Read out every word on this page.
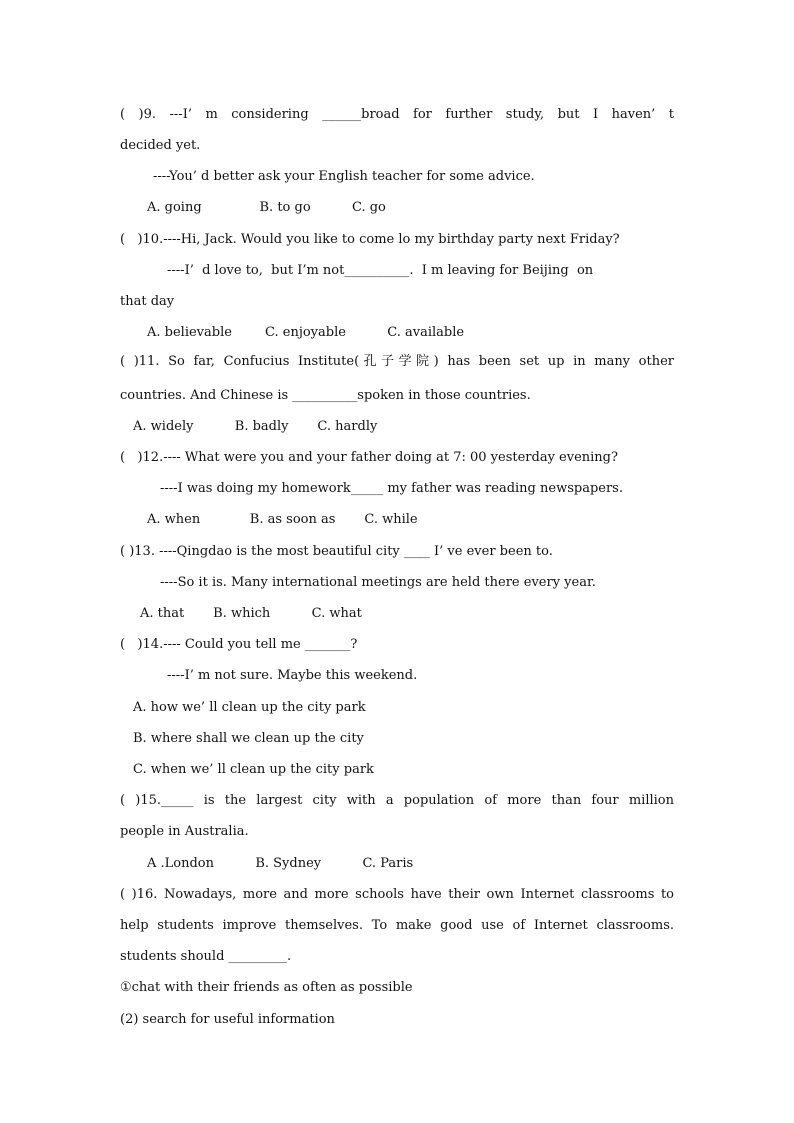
( )9. ---I’ m considering ______broad for further study, but I haven’ t
decided yet.
----You’ d better ask your English teacher for some advice.
A. going              B. to go          C. go
(   )10.----Hi, Jack. Would you like to come lo my birthday party next Friday?
----I’  d love to,  but I’m not__________.  I m leaving for Beijing  on
that day
A. believable        C. enjoyable          C. available
( )11. So far, Confucius Institute(孔子学院) has been set up in many other
countries. And Chinese is __________spoken in those countries.
A. widely          B. badly       C. hardly
(   )12.---- What were you and your father doing at 7: 00 yesterday evening?
----I was doing my homework_____ my father was reading newspapers.
A. when            B. as soon as       C. while
( )13. ----Qingdao is the most beautiful city ____ I’ ve ever been to.
----So it is. Many international meetings are held there every year.
A. that       B. which          C. what
(   )14.---- Could you tell me _______?
----I’ m not sure. Maybe this weekend.
A. how we’ ll clean up the city park
B. where shall we clean up the city
C. when we’ ll clean up the city park
( )15._____ is the largest city with a population of more than four million
people in Australia.
A .London          B. Sydney          C. Paris
( )16. Nowadays, more and more schools have their own Internet classrooms to
help students improve themselves. To make good use of Internet classrooms.
students should _________.
①chat with their friends as often as possible
(2) search for useful information
